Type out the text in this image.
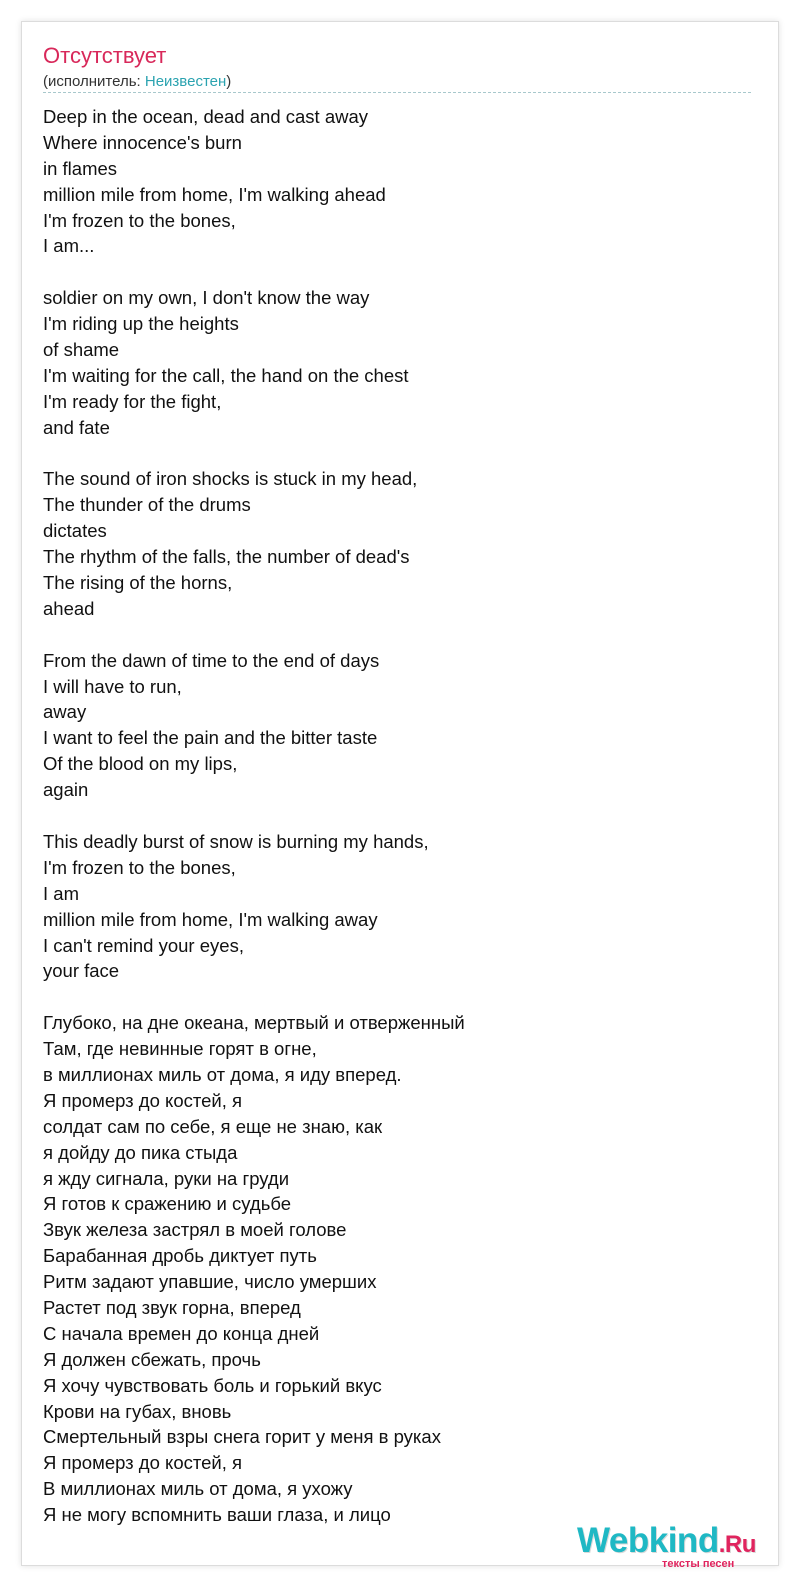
Отсутствует
(исполнитель: Неизвестен)
Deep in the ocean, dead and cast away
Where innocence's burn
in flames
million mile from home, I'm walking ahead
I'm frozen to the bones,
I am...
soldier on my own, I don't know the way
I'm riding up the heights
of shame
I'm waiting for the call, the hand on the chest
I'm ready for the fight,
and fate
The sound of iron shocks is stuck in my head,
The thunder of the drums
dictates
The rhythm of the falls, the number of dead's
The rising of the horns,
ahead
From the dawn of time to the end of days
I will have to run,
away
I want to feel the pain and the bitter taste
Of the blood on my lips,
again
This deadly burst of snow is burning my hands,
I'm frozen to the bones,
I am
million mile from home, I'm walking away
I can't remind your eyes,
your face
Глубоко, на дне океана, мертвый и отверженный
Там, где невинные горят в огне,
в миллионах миль от дома, я иду вперед.
Я промерз до костей, я
солдат сам по себе, я еще не знаю, как
я дойду до пика стыда
я жду сигнала, руки на груди
Я готов к сражению и судьбе
Звук железа застрял в моей голове
Барабанная дробь диктует путь
Ритм задают упавшие, число умерших
Растет под звук горна, вперед
С начала времен до конца дней
Я должен сбежать, прочь
Я хочу чувствовать боль и горький вкус
Крови на губах, вновь
Смертельный взры снега горит у меня в руках
Я промерз до костей, я
В миллионах миль от дома, я ухожу
Я не могу вспомнить ваши глаза, и лицо
Webkind.Ru
тексты песен
